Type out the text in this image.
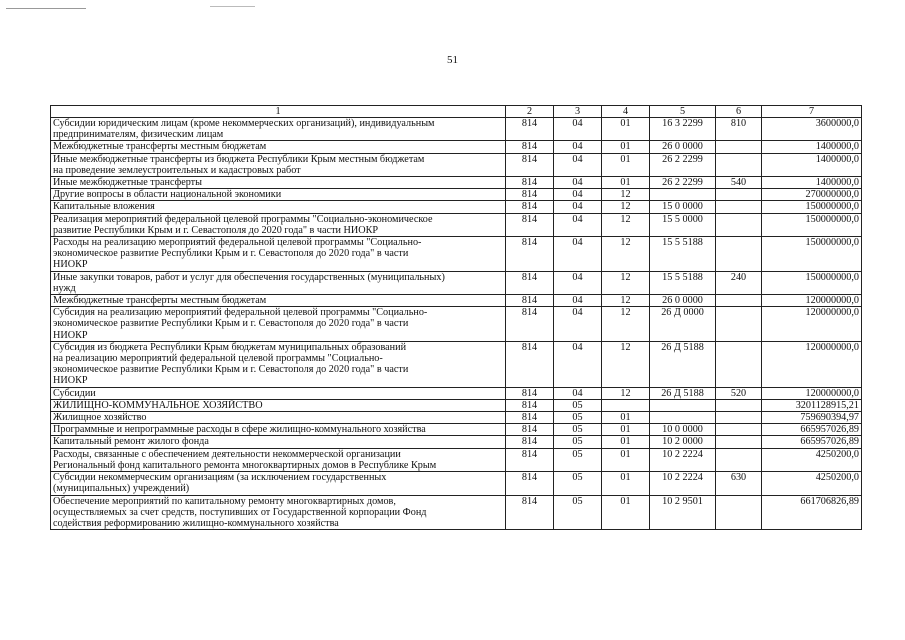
51
1	2	3	4	5	6	7
Субсидии юридическим лицам (кроме некоммерческих организаций), индивидуальным
предпринимателям, физическим лицам	814	04	01	16 3 2299	810	3600000,0
Межбюджетные трансферты местным бюджетам	814	04	01	26 0 0000		1400000,0
Иные межбюджетные трансферты из бюджета Республики Крым местным бюджетам
на проведение землеустроительных и кадастровых работ	814	04	01	26 2 2299		1400000,0
Иные межбюджетные трансферты	814	04	01	26 2 2299	540	1400000,0
Другие вопросы в области национальной экономики	814	04	12			270000000,0
Капитальные вложения	814	04	12	15 0 0000		150000000,0
Реализация мероприятий федеральной целевой программы "Социально-экономическое
развитие Республики Крым и г. Севастополя до 2020 года" в части НИОКР	814	04	12	15 5 0000		150000000,0
Расходы на реализацию мероприятий федеральной целевой программы "Социально-
экономическое развитие Республики Крым и г. Севастополя до 2020 года" в части
НИОКР	814	04	12	15 5 5188		150000000,0
Иные закупки товаров, работ и услуг для обеспечения государственных (муниципальных)
нужд	814	04	12	15 5 5188	240	150000000,0
Межбюджетные трансферты местным бюджетам	814	04	12	26 0 0000		120000000,0
Субсидия на реализацию мероприятий федеральной целевой программы "Социально-
экономическое развитие Республики Крым и г. Севастополя до 2020 года" в части
НИОКР	814	04	12	26 Д 0000		120000000,0
Субсидия из бюджета Республики Крым бюджетам муниципальных образований
на реализацию мероприятий федеральной целевой программы "Социально-
экономическое развитие Республики Крым и г. Севастополя до 2020 года" в части
НИОКР	814	04	12	26 Д 5188		120000000,0
Субсидии	814	04	12	26 Д 5188	520	120000000,0
ЖИЛИЩНО-КОММУНАЛЬНОЕ ХОЗЯЙСТВО	814	05				3201128915,21
Жилищное хозяйство	814	05	01			759690394,97
Программные и непрограммные расходы в сфере жилищно-коммунального хозяйства	814	05	01	10 0 0000		665957026,89
Капитальный ремонт жилого фонда	814	05	01	10 2 0000		665957026,89
Расходы, связанные с обеспечением деятельности некоммерческой организации
Региональный фонд капитального ремонта многоквартирных домов в Республике Крым	814	05	01	10 2 2224		4250200,0
Субсидии некоммерческим организациям (за исключением государственных
(муниципальных) учреждений)	814	05	01	10 2 2224	630	4250200,0
Обеспечение мероприятий по капитальному ремонту многоквартирных домов,
осуществляемых за счет средств, поступивших от Государственной корпорации Фонд
содействия реформированию жилищно-коммунального хозяйства	814	05	01	10 2 9501		661706826,89
